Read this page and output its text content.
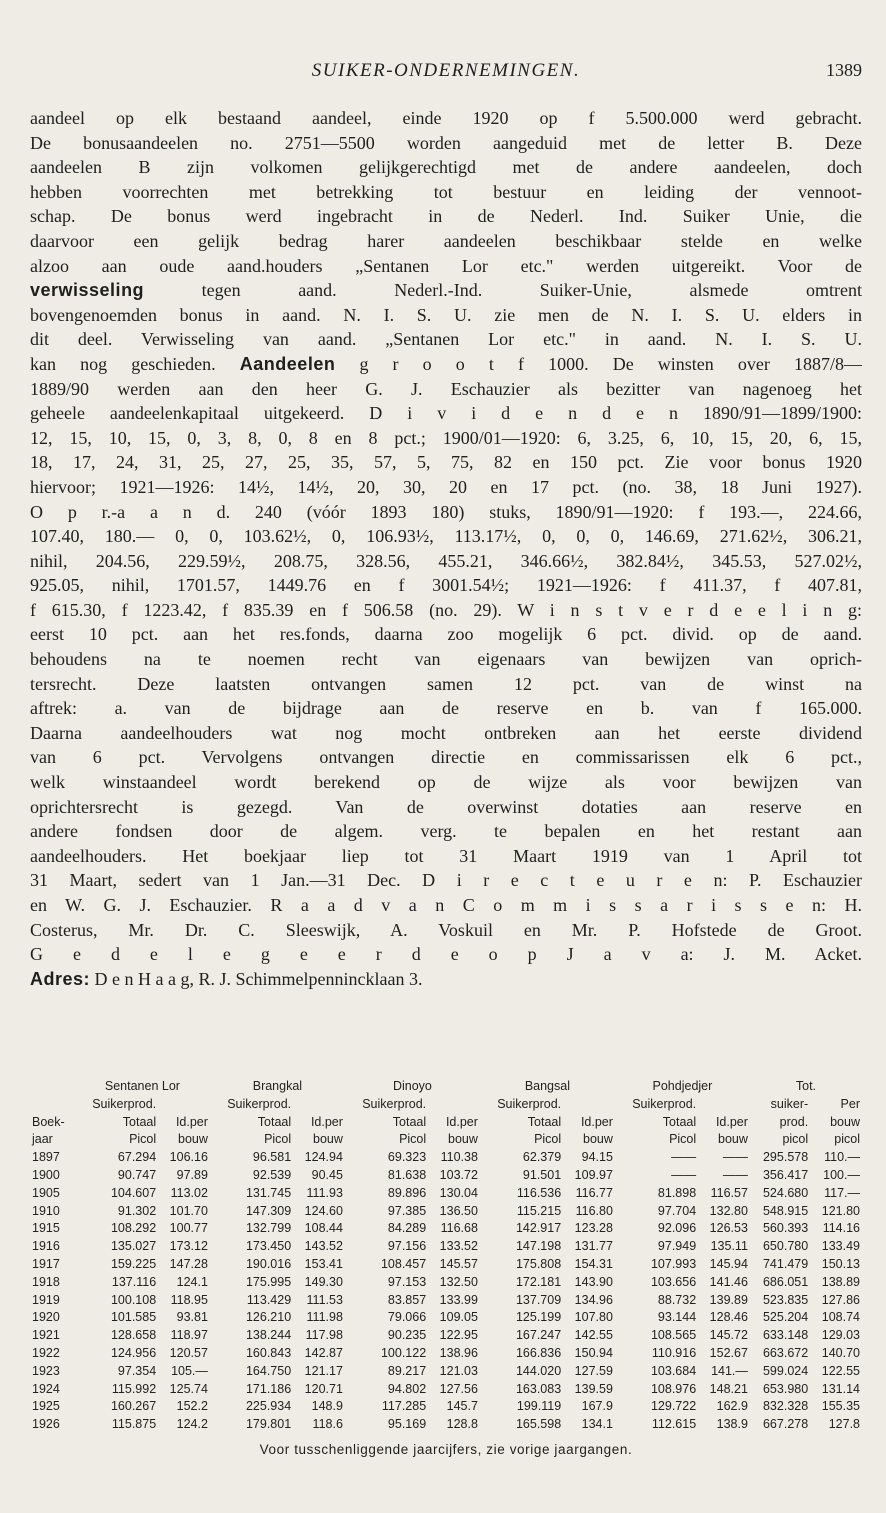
SUIKER-ONDERNEMINGEN.	1389
aandeel op elk bestaand aandeel, einde 1920 op f 5.500.000 werd gebracht.
De bonusaandeelen no. 2751—5500 worden aangeduid met de letter B. Deze
aandeelen B zijn volkomen gelijkgerechtigd met de andere aandeelen, doch
hebben voorrechten met betrekking tot bestuur en leiding der vennoot-
schap. De bonus werd ingebracht in de Nederl. Ind. Suiker Unie, die
daarvoor een gelijk bedrag harer aandeelen beschikbaar stelde en welke
alzoo aan oude aand.houders „Sentanen Lor etc." werden uitgereikt. Voor de
verwisseling tegen aand. Nederl.-Ind. Suiker-Unie, alsmede omtrent
bovengenoemden bonus in aand. N. I. S. U. zie men de N. I. S. U. elders in
dit deel. Verwisseling van aand. „Sentanen Lor etc." in aand. N. I. S. U.
kan nog geschieden. Aandeelen g r o o t f 1000. De winsten over 1887/8—
1889/90 werden aan den heer G. J. Eschauzier als bezitter van nagenoeg het
geheele aandeelenkapitaal uitgekeerd. D i v i d e n d e n 1890/91—1899/1900:
12, 15, 10, 15, 0, 3, 8, 0, 8 en 8 pct.; 1900/01—1920: 6, 3.25, 6, 10, 15, 20, 6, 15,
18, 17, 24, 31, 25, 27, 25, 35, 57, 5, 75, 82 en 150 pct. Zie voor bonus 1920
hiervoor; 1921—1926: 14½, 14½, 20, 30, 20 en 17 pct. (no. 38, 18 Juni 1927).
O p r.-a a n d. 240 (vóór 1893 180) stuks, 1890/91—1920: f 193.—, 224.66,
107.40, 180.— 0, 0, 103.62½, 0, 106.93½, 113.17½, 0, 0, 0, 146.69, 271.62½, 306.21,
nihil, 204.56, 229.59½, 208.75, 328.56, 455.21, 346.66½, 382.84½, 345.53, 527.02½,
925.05, nihil, 1701.57, 1449.76 en f 3001.54½; 1921—1926: f 411.37, f 407.81,
f 615.30, f 1223.42, f 835.39 en f 506.58 (no. 29). W i n s t v e r d e e l i n g:
eerst 10 pct. aan het res.fonds, daarna zoo mogelijk 6 pct. divid. op de aand.
behoudens na te noemen recht van eigenaars van bewijzen van oprich-
tersrecht. Deze laatsten ontvangen samen 12 pct. van de winst na
aftrek: a. van de bijdrage aan de reserve en b. van f 165.000.
Daarna aandeelhouders wat nog mocht ontbreken aan het eerste dividend
van 6 pct. Vervolgens ontvangen directie en commissarissen elk 6 pct.,
welk winstaandeel wordt berekend op de wijze als voor bewijzen van
oprichtersrecht is gezegd. Van de overwinst dotaties aan reserve en
andere fondsen door de algem. verg. te bepalen en het restant aan
aandeelhouders. Het boekjaar liep tot 31 Maart 1919 van 1 April tot
31 Maart, sedert van 1 Jan.—31 Dec. D i r e c t e u r e n: P. Eschauzier
en W. G. J. Eschauzier. R a a d v a n C o m m i s s a r i s s e n: H.
Costerus, Mr. Dr. C. Sleeswijk, A. Voskuil en Mr. P. Hofstede de Groot.
G e d e l e g e e r d e o p J a v a: J. M. Acket.
Adres: D e n H a a g, R. J. Schimmelpennincklaan 3.
	Sentanen Lor		Brangkal		Dinoyo		Bangsal		Pohdjedjer		Tot.	
	Suikerprod.		Suikerprod.		Suikerprod.		Suikerprod.		Suikerprod.		suiker-	Per
Boek-	Totaal	Id.per	Totaal	Id.per	Totaal	Id.per	Totaal	Id.per	Totaal	Id.per	prod.	bouw
jaar	Picol	bouw	Picol	bouw	Picol	bouw	Picol	bouw	Picol	bouw	picol	picol
1897	67.294	106.16	96.581	124.94	69.323	110.38	62.379	94.15	——	——	295.578	110.—
1900	90.747	97.89	92.539	90.45	81.638	103.72	91.501	109.97	——	——	356.417	100.—
1905	104.607	113.02	131.745	111.93	89.896	130.04	116.536	116.77	81.898	116.57	524.680	117.—
1910	91.302	101.70	147.309	124.60	97.385	136.50	115.215	116.80	97.704	132.80	548.915	121.80
1915	108.292	100.77	132.799	108.44	84.289	116.68	142.917	123.28	92.096	126.53	560.393	114.16
1916	135.027	173.12	173.450	143.52	97.156	133.52	147.198	131.77	97.949	135.11	650.780	133.49
1917	159.225	147.28	190.016	153.41	108.457	145.57	175.808	154.31	107.993	145.94	741.479	150.13
1918	137.116	124.1	175.995	149.30	97.153	132.50	172.181	143.90	103.656	141.46	686.051	138.89
1919	100.108	118.95	113.429	111.53	83.857	133.99	137.709	134.96	88.732	139.89	523.835	127.86
1920	101.585	93.81	126.210	111.98	79.066	109.05	125.199	107.80	93.144	128.46	525.204	108.74
1921	128.658	118.97	138.244	117.98	90.235	122.95	167.247	142.55	108.565	145.72	633.148	129.03
1922	124.956	120.57	160.843	142.87	100.122	138.96	166.836	150.94	110.916	152.67	663.672	140.70
1923	97.354	105.—	164.750	121.17	89.217	121.03	144.020	127.59	103.684	141.—	599.024	122.55
1924	115.992	125.74	171.186	120.71	94.802	127.56	163.083	139.59	108.976	148.21	653.980	131.14
1925	160.267	152.2	225.934	148.9	117.285	145.7	199.119	167.9	129.722	162.9	832.328	155.35
1926	115.875	124.2	179.801	118.6	95.169	128.8	165.598	134.1	112.615	138.9	667.278	127.8
Voor tusschenliggende jaarcijfers, zie vorige jaargangen.
